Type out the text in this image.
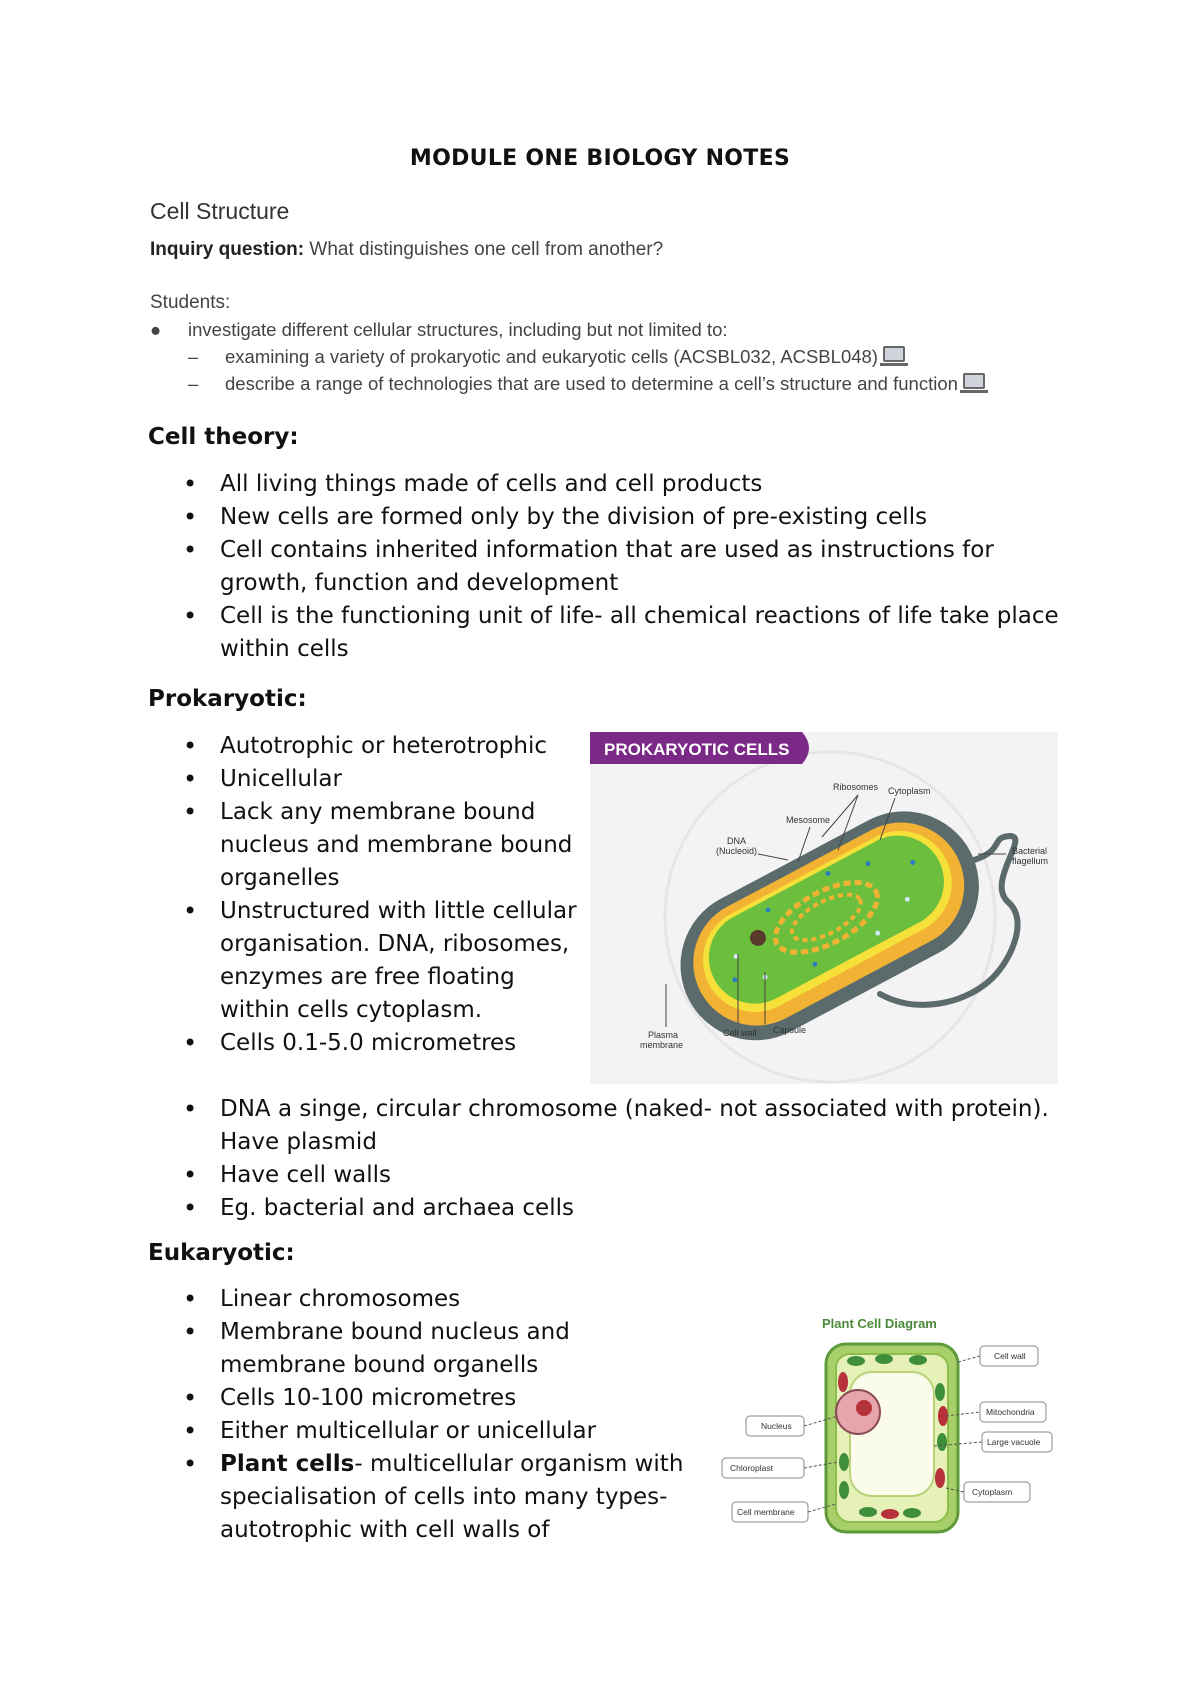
MODULE ONE BIOLOGY NOTES
Cell Structure
Inquiry question: What distinguishes one cell from another?
Students:
● investigate different cellular structures, including but not limited to:
– examining a variety of prokaryotic and eukaryotic cells (ACSBL032, ACSBL048)
– describe a range of technologies that are used to determine a cell’s structure and function
Cell theory:
• All living things made of cells and cell products
• New cells are formed only by the division of pre-existing cells
• Cell contains inherited information that are used as instructions for growth, function and development
• Cell is the functioning unit of life- all chemical reactions of life take place within cells
Prokaryotic:
• Autotrophic or heterotrophic
• Unicellular
• Lack any membrane bound nucleus and membrane bound organelles
• Unstructured with little cellular organisation. DNA, ribosomes, enzymes are free floating within cells cytoplasm.
• Cells 0.1-5.0 micrometres
• DNA a singe, circular chromosome (naked- not associated with protein). Have plasmid
• Have cell walls
• Eg. bacterial and archaea cells
PROKARYOTIC CELLS
Ribosomes Cytoplasm
Mesosome
DNA
(Nucleoid)	Bacterial
flagellum
Plasma
membrane
Cell wall Capsule
Eukaryotic:
• Linear chromosomes
• Membrane bound nucleus and membrane bound organells
• Cells 10-100 micrometres
• Either multicellular or unicellular
• Plant cells- multicellular organism with specialisation of cells into many types- autotrophic with cell walls of
Plant Cell Diagram
Cell wall
Mitochondria
Nucleus
Large vacuole
Chloroplast
Cytoplasm
Cell membrane
